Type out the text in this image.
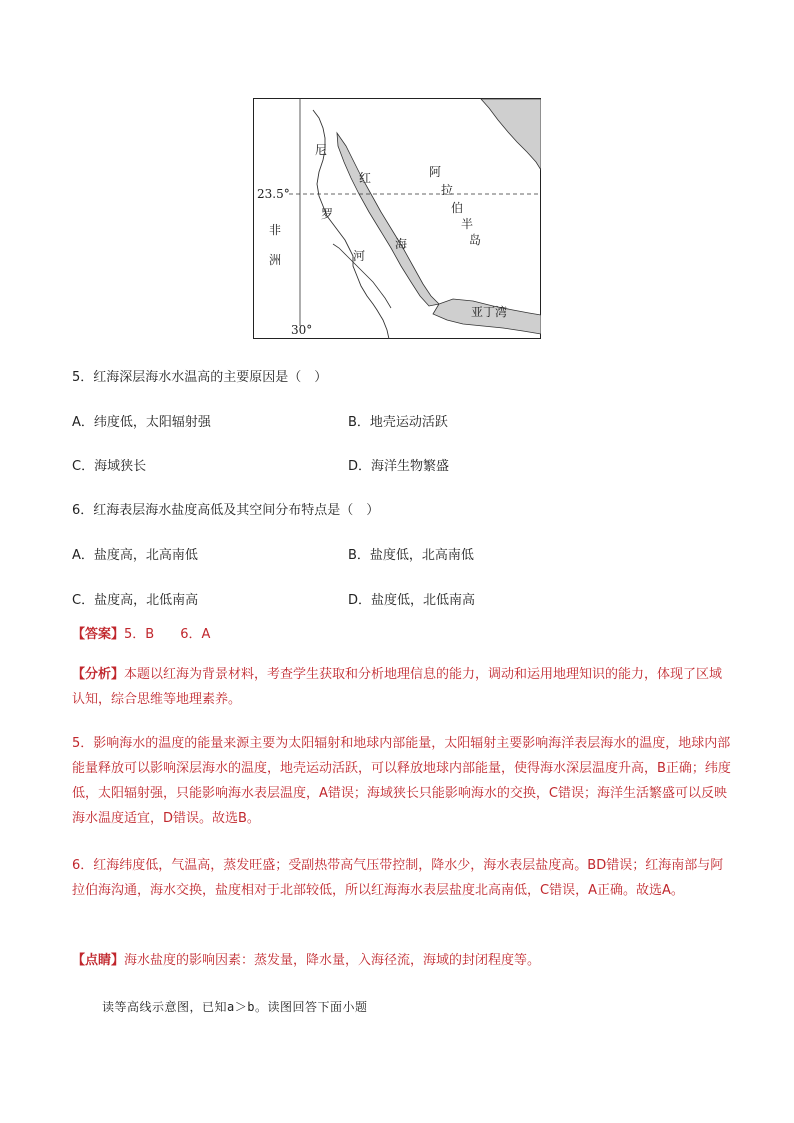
23.5°
30°
非
洲
尼
罗
河
红
海
阿
拉
伯
半
岛
亚丁湾
5．红海深层海水水温高的主要原因是（　）
A．纬度低，太阳辐射强	B．地壳运动活跃
C．海域狭长	D．海洋生物繁盛
6．红海表层海水盐度高低及其空间分布特点是（　）
A．盐度高，北高南低	B．盐度低，北高南低
C．盐度高，北低南高	D．盐度低，北低南高
【答案】5．B　　6．A
【分析】本题以红海为背景材料，考查学生获取和分析地理信息的能力，调动和运用地理知识的能力，体现了区域认知，综合思维等地理素养。
5．影响海水的温度的能量来源主要为太阳辐射和地球内部能量，太阳辐射主要影响海洋表层海水的温度，地球内部能量释放可以影响深层海水的温度，地壳运动活跃，可以释放地球内部能量，使得海水深层温度升高，B正确；纬度低，太阳辐射强，只能影响海水表层温度，A错误；海域狭长只能影响海水的交换，C错误；海洋生活繁盛可以反映海水温度适宜，D错误。故选B。
6．红海纬度低，气温高，蒸发旺盛；受副热带高气压带控制，降水少，海水表层盐度高。BD错误；红海南部与阿拉伯海沟通，海水交换，盐度相对于北部较低，所以红海海水表层盐度北高南低，C错误，A正确。故选A。
【点睛】海水盐度的影响因素：蒸发量，降水量，入海径流，海域的封闭程度等。
读等高线示意图，已知a＞b。读图回答下面小题
